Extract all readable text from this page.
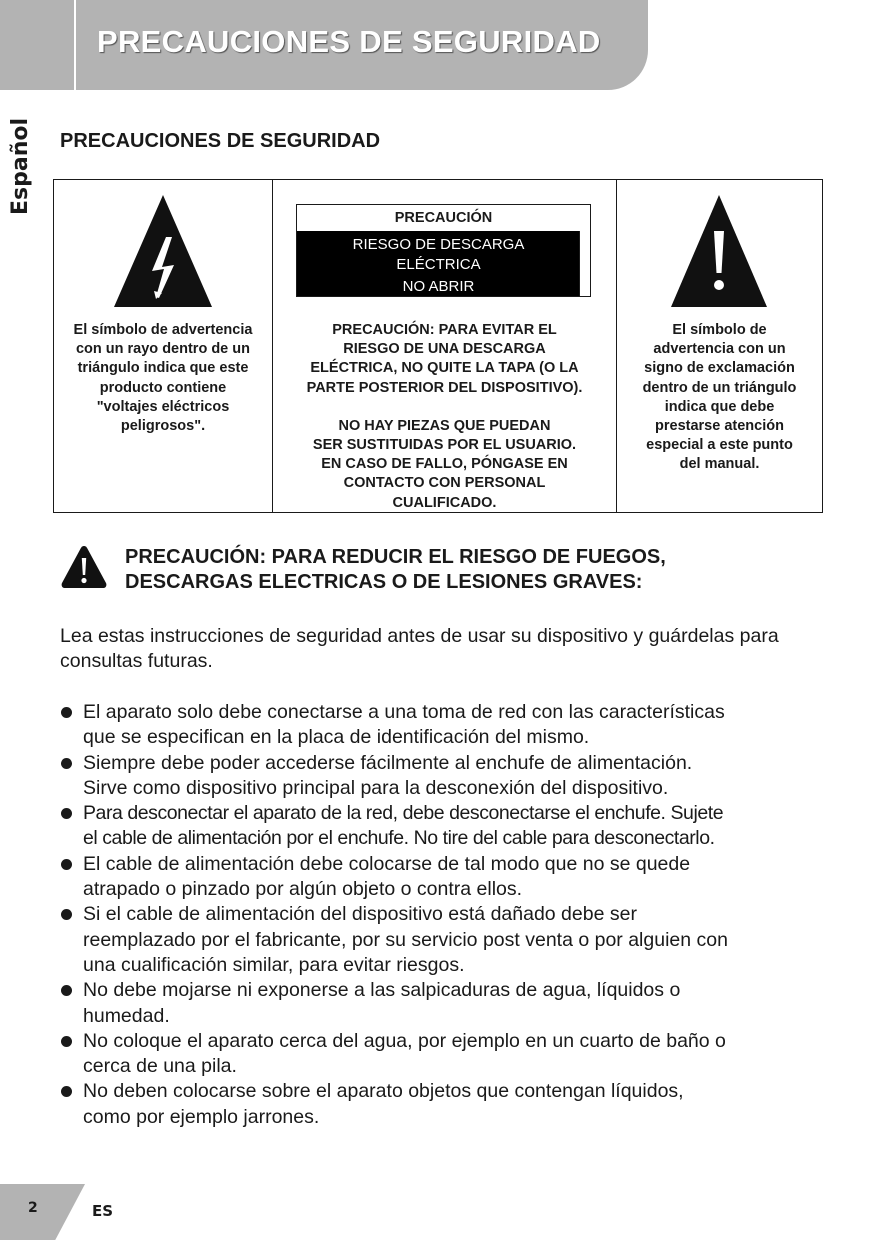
PRECAUCIONES DE SEGURIDAD
Español PRECAUCIONES DE SEGURIDAD

El símbolo de advertencia

con un rayo dentro de un

triángulo indica que este

producto contiene

"voltajes eléctricos

peligrosos".

PRECAUCIÓN
RIESGO DE DESCARGA
ELÉCTRICA
NO ABRIR

PRECAUCIÓN: PARA EVITAR EL

RIESGO DE UNA DESCARGA

ELÉCTRICA, NO QUITE LA TAPA (O LA

PARTE POSTERIOR DEL DISPOSITIVO).

NO HAY PIEZAS QUE PUEDAN

SER SUSTITUIDAS POR EL USUARIO.

EN CASO DE FALLO, PÓNGASE EN

CONTACTO CON PERSONAL

CUALIFICADO.

El símbolo de

advertencia con un

signo de exclamación

dentro de un triángulo

indica que debe

prestarse atención

especial a este punto

del manual.

PRECAUCIÓN: PARA REDUCIR EL RIESGO DE FUEGOS,
DESCARGAS ELECTRICAS O DE LESIONES GRAVES:

Lea estas instrucciones de seguridad antes de usar su dispositivo y guárdelas para consultas futuras.

El aparato solo debe conectarse a una toma de red con las características
que se especifican en la placa de identificación del mismo.
Siempre debe poder accederse fácilmente al enchufe de alimentación.
Sirve como dispositivo principal para la desconexión del dispositivo.
Para desconectar el aparato de la red, debe desconectarse el enchufe. Sujete
el cable de alimentación por el enchufe. No tire del cable para desconectarlo.
El cable de alimentación debe colocarse de tal modo que no se quede
atrapado o pinzado por algún objeto o contra ellos.
Si el cable de alimentación del dispositivo está dañado debe ser
reemplazado por el fabricante, por su servicio post venta o por alguien con
una cualificación similar, para evitar riesgos.
No debe mojarse ni exponerse a las salpicaduras de agua, líquidos o
humedad.
No coloque el aparato cerca del agua, por ejemplo en un cuarto de baño o
cerca de una pila.
No deben colocarse sobre el aparato objetos que contengan líquidos,
como por ejemplo jarrones.
2	ES
